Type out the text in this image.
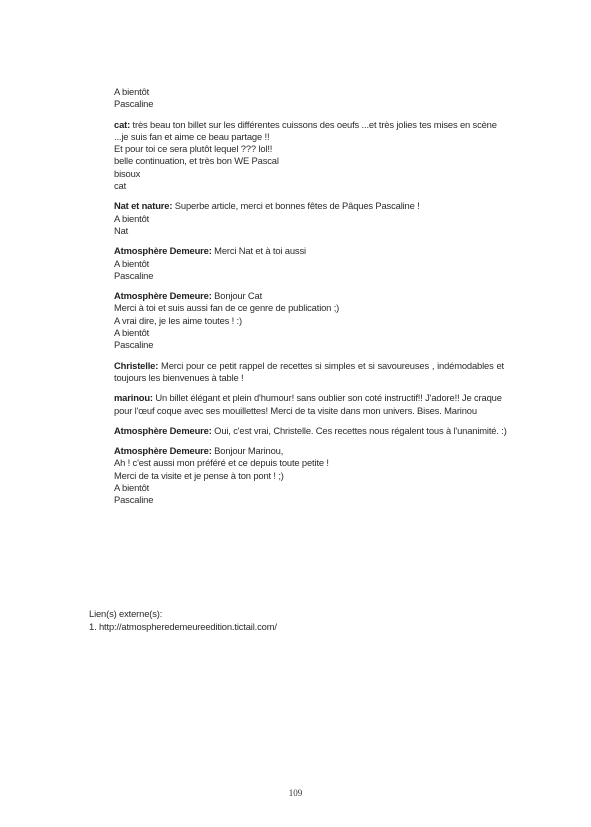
A bientôt
Pascaline
cat: très beau ton billet sur les différentes cuissons des oeufs ...et très jolies tes mises en scène ...je suis fan et aime ce beau partage !!
Et pour toi ce sera plutôt lequel ??? lol!!
belle continuation, et très bon WE Pascal
bisoux
cat
Nat et nature: Superbe article, merci et bonnes fêtes de Pâques Pascaline !
A bientôt
Nat
Atmosphère Demeure: Merci Nat et à toi aussi
A bientôt
Pascaline
Atmosphère Demeure: Bonjour Cat
Merci à toi et suis aussi fan de ce genre de publication ;)
A vrai dire, je les aime toutes ! :)
A bientôt
Pascaline
Christelle: Merci pour ce petit rappel de recettes si simples et si savoureuses , indémodables et toujours les bienvenues à table !
marinou: Un billet élégant et plein d'humour! sans oublier son coté instructif!! J'adore!! Je craque pour l'œuf coque avec ses mouillettes! Merci de ta visite dans mon univers. Bises. Marinou
Atmosphère Demeure: Oui, c'est vrai, Christelle. Ces recettes nous régalent tous à l'unanimité. :)
Atmosphère Demeure: Bonjour Marinou,
Ah ! c'est aussi mon préféré et ce depuis toute petite !
Merci de ta visite et je pense à ton pont ! ;)
A bientôt
Pascaline
Lien(s) externe(s):
1. http://atmospheredemeureedition.tictail.com/
109
